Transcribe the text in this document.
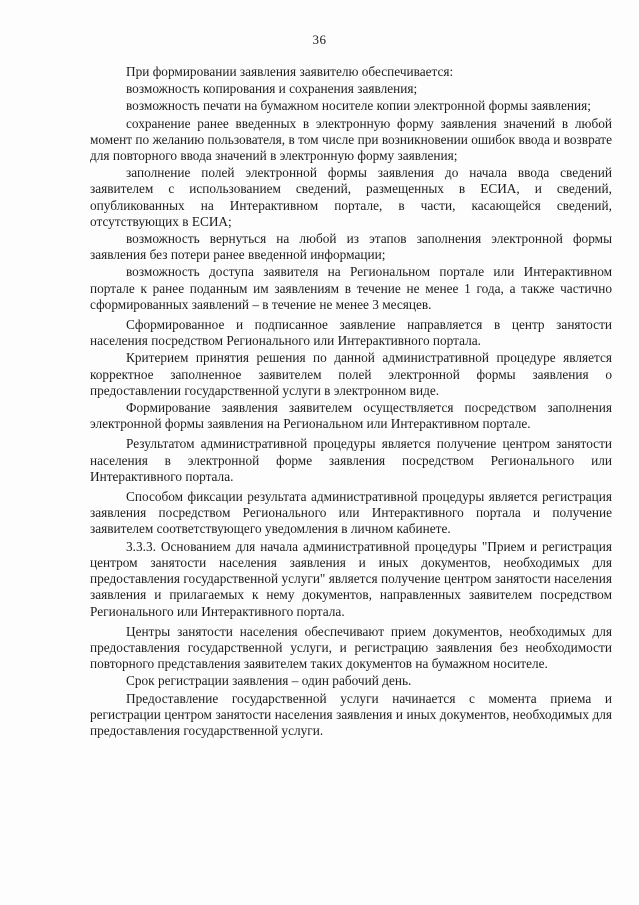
36

При формировании заявления заявителю обеспечивается:

возможность копирования и сохранения заявления;

возможность печати на бумажном носителе копии электронной формы заявления;

сохранение ранее введенных в электронную форму заявления значений в любой момент по желанию пользователя, в том числе при возникновении ошибок ввода и возврате для повторного ввода значений в электронную форму заявления;

заполнение полей электронной формы заявления до начала ввода сведений заявителем с использованием сведений, размещенных в ЕСИА, и сведений, опубликованных на Интерактивном портале, в части, касающейся сведений, отсутствующих в ЕСИА;

возможность вернуться на любой из этапов заполнения электронной формы заявления без потери ранее введенной информации;

возможность доступа заявителя на Региональном портале или Интерактивном портале к ранее поданным им заявлениям в течение не менее 1 года, а также частично сформированных заявлений – в течение не менее 3 месяцев.

Сформированное и подписанное заявление направляется в центр занятости населения посредством Регионального или Интерактивного портала.

Критерием принятия решения по данной административной процедуре является корректное заполненное заявителем полей электронной формы заявления о предоставлении государственной услуги в электронном виде.

Формирование заявления заявителем осуществляется посредством заполнения электронной формы заявления на Региональном или Интерактивном портале.

Результатом административной процедуры является получение центром занятости населения в электронной форме заявления посредством Регионального или Интерактивного портала.

Способом фиксации результата административной процедуры является регистрация заявления посредством Регионального или Интерактивного портала и получение заявителем соответствующего уведомления в личном кабинете.

3.3.3. Основанием для начала административной процедуры "Прием и регистрация центром занятости населения заявления и иных документов, необходимых для предоставления государственной услуги" является получение центром занятости населения заявления и прилагаемых к нему документов, направленных заявителем посредством Регионального или Интерактивного портала.

Центры занятости населения обеспечивают прием документов, необходимых для предоставления государственной услуги, и регистрацию заявления без необходимости повторного представления заявителем таких документов на бумажном носителе.

Срок регистрации заявления – один рабочий день.

Предоставление государственной услуги начинается с момента приема и регистрации центром занятости населения заявления и иных документов, необходимых для предоставления государственной услуги.
